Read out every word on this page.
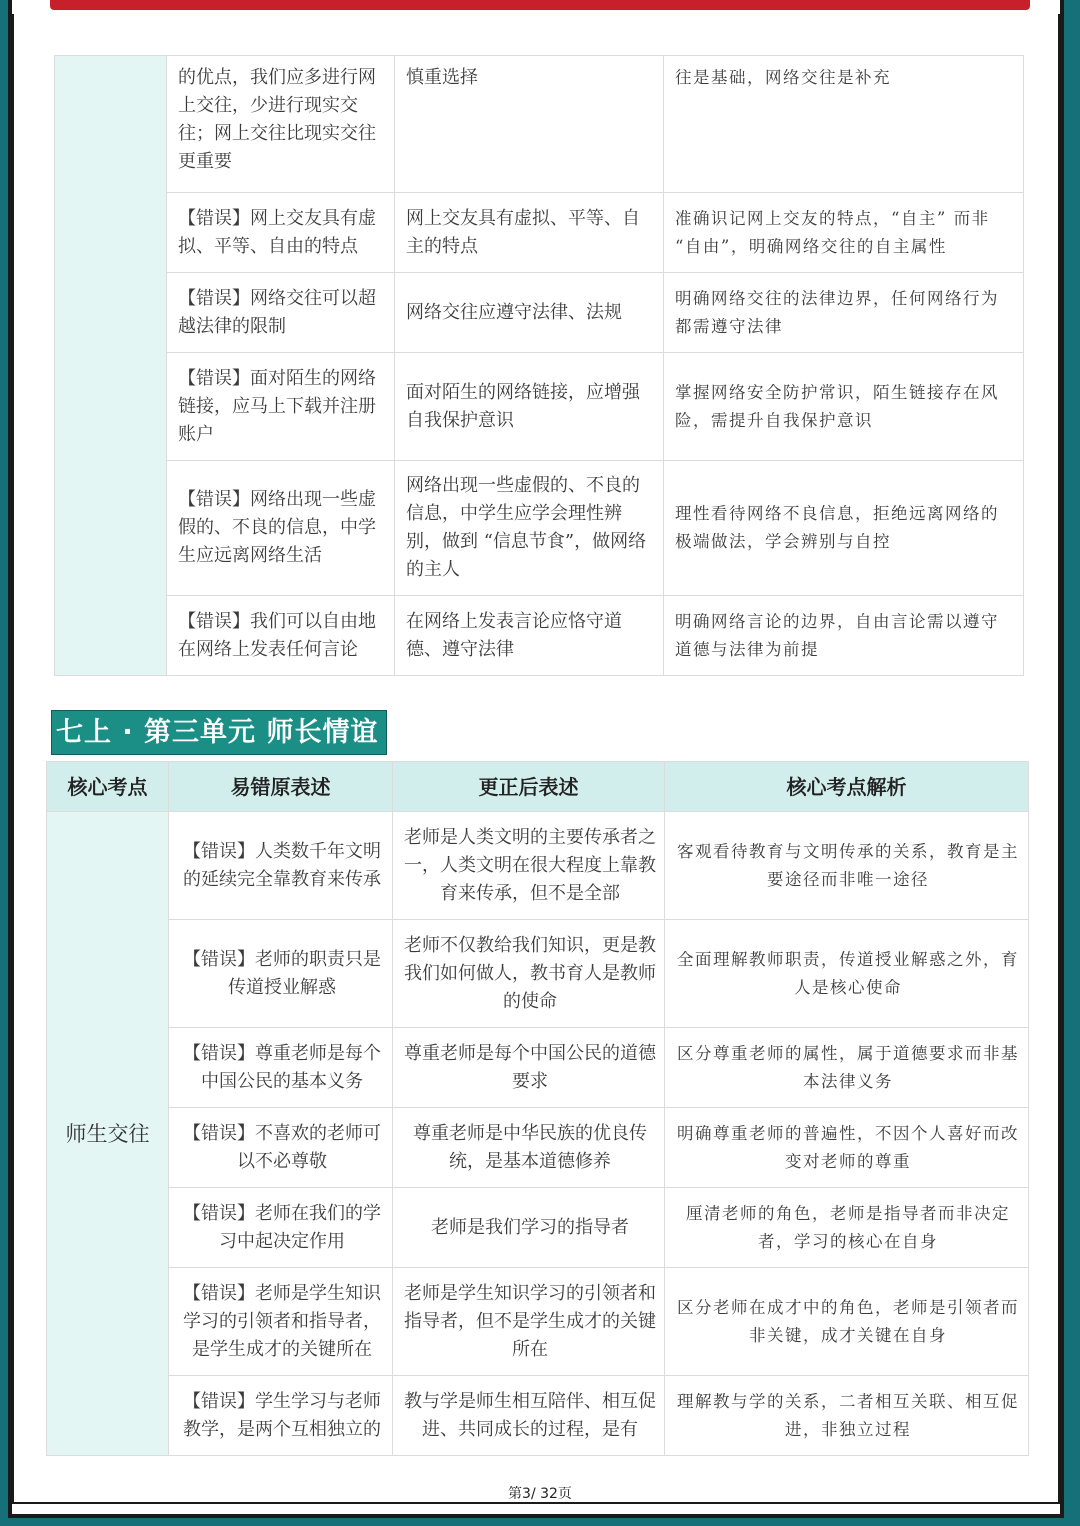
	的优点，我们应多进行网上交往，少进行现实交往；网上交往比现实交往更重要	慎重选择	往是基础，网络交往是补充
	【错误】网上交友具有虚拟、平等、自由的特点	网上交友具有虚拟、平等、自主的特点	准确识记网上交友的特点，“自主” 而非 “自由”，明确网络交往的自主属性
	【错误】网络交往可以超越法律的限制	网络交往应遵守法律、法规	明确网络交往的法律边界，任何网络行为都需遵守法律
	【错误】面对陌生的网络链接，应马上下载并注册账户	面对陌生的网络链接，应增强自我保护意识	掌握网络安全防护常识，陌生链接存在风险，需提升自我保护意识
	【错误】网络出现一些虚假的、不良的信息，中学生应远离网络生活	网络出现一些虚假的、不良的信息，中学生应学会理性辨别，做到 “信息节食”，做网络的主人	理性看待网络不良信息，拒绝远离网络的极端做法，学会辨别与自控
	【错误】我们可以自由地在网络上发表任何言论	在网络上发表言论应恪守道德、遵守法律	明确网络言论的边界，自由言论需以遵守道德与法律为前提
七上 · 第三单元 师长情谊
核心考点	易错原表述	更正后表述	核心考点解析
师生交往	【错误】人类数千年文明的延续完全靠教育来传承	老师是人类文明的主要传承者之一，人类文明在很大程度上靠教育来传承，但不是全部	客观看待教育与文明传承的关系，教育是主要途径而非唯一途径
	【错误】老师的职责只是传道授业解惑	老师不仅教给我们知识，更是教我们如何做人，教书育人是教师的使命	全面理解教师职责，传道授业解惑之外，育人是核心使命
	【错误】尊重老师是每个中国公民的基本义务	尊重老师是每个中国公民的道德要求	区分尊重老师的属性，属于道德要求而非基本法律义务
	【错误】不喜欢的老师可以不必尊敬	尊重老师是中华民族的优良传统，是基本道德修养	明确尊重老师的普遍性，不因个人喜好而改变对老师的尊重
	【错误】老师在我们的学习中起决定作用	老师是我们学习的指导者	厘清老师的角色，老师是指导者而非决定者，学习的核心在自身
	【错误】老师是学生知识学习的引领者和指导者，是学生成才的关键所在	老师是学生知识学习的引领者和指导者，但不是学生成才的关键所在	区分老师在成才中的角色，老师是引领者而非关键，成才关键在自身
	【错误】学生学习与老师教学，是两个互相独立的	教与学是师生相互陪伴、相互促进、共同成长的过程，是有	理解教与学的关系，二者相互关联、相互促进，非独立过程
第3/ 32页
